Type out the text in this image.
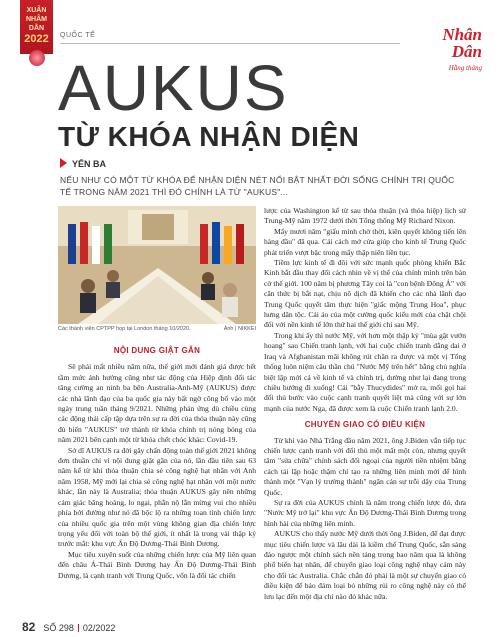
XUÂN
NHÂM DẦN
2022	QUỐC TẾ	Nhân Dân
Hằng tháng
AUKUS
TỪ KHÓA NHẬN DIỆN
YẾN BA
NẾU NHƯ CÓ MỘT TỪ KHÓA ĐỂ NHẬN DIỆN NÉT NỔI BẬT NHẤT ĐỜI SỐNG CHÍNH TRỊ QUỐC TẾ TRONG NĂM 2021 THÌ ĐÓ CHÍNH LÀ TỪ "AUKUS"...
Các thành viên CPTPP họp tại London tháng 10/2020.	Ảnh | NIKKEI

NỘI DUNG GIẬT GÂN

Sẽ phải mất nhiều năm nữa, thế giới mới đánh giá được hết tầm mức ảnh hưởng cũng như tác động của Hiệp định đối tác tăng cường an ninh ba bên Australia-Anh-Mỹ (AUKUS) được các nhà lãnh đạo của ba quốc gia này bất ngờ công bố vào một ngày trung tuần tháng 9/2021. Những phản ứng dù chiều cùng các động thái cấp tập dựa trên sự ra đời của thỏa thuận này cũng đủ biến "AUKUS" trở thành từ khóa chính trị nóng bỏng của năm 2021 bên cạnh một từ khóa chết chóc khác: Covid-19.

Sở dĩ AUKUS ra đời gây chấn động toàn thế giới 2021 không đơn thuần chỉ vì nội dung giật gân của nó, lần đầu tiên sau 63 năm kể từ khi thỏa thuận chia sẻ công nghệ hạt nhân với Anh năm 1958, Mỹ mới lại chia sẻ công nghệ hạt nhân với một nước khác, lần này là Australia; thỏa thuận AUKUS gây nên những cảm giác băng hoàng, lo ngại, phẫn nộ lẫn mừng vui cho nhiều phía bởi đường như nó đã bộc lộ ra những toan tính chiến lược của nhiều quốc gia trên một vùng không gian địa chiến lược trọng yếu đối với toàn bộ thế giới, ít nhất là trong vài thập kỷ trước mắt: khu vực Ấn Độ Dương-Thái Bình Dương.

Mục tiêu xuyên suốt của những chiến lược của Mỹ liên quan đến châu Á-Thái Bình Dương hay Ấn Độ Dương-Thái Bình Dương, là cạnh tranh với Trung Quốc, vốn là đối tác chiến

lược của Washington kể từ sau thỏa thuận (và thỏa hiệp) lịch sử Trung-Mỹ năm 1972 dưới thời Tổng thống Mỹ Richard Nixon.

Mấy mươi năm "giấu mình chờ thời, kiên quyết không tiến lên hàng đầu" đã qua. Cái cách mở cửa giúp cho kinh tế Trung Quốc phát triển vượt bậc trong mấy thập niên liền tục.

Tiềm lực kinh tế đi đôi với sức mạnh quốc phòng khiến Bắc Kinh bắt đầu thay đổi cách nhìn về vị thế của chính mình trên bàn cờ thế giới. 100 năm bị phương Tây coi là "con bệnh Đông Á" với căn thức bị bắt nạt, chịu nô dịch đã khiến cho các nhà lãnh đạo Trung Quốc quyết tâm thực hiện "giấc mộng Trung Hoa", phục hưng dân tộc. Cái áo của một cường quốc kiểu mới của chật chội đối với nền kinh tế lớn thứ hai thế giới chỉ sau Mỹ.

Trong khi ấy thì nước Mỹ, với hơn một thập kỷ "mùa gặt vướn hoang" sau Chiến tranh lạnh, với hai cuộc chiến tranh dằng dai ở Iraq và Afghanistan mãi không rút chân ra được và một vị Tổng thống luôn niệm câu thần chú "Nước Mỹ trên hết" bằng chủ nghĩa biệt lập mới cả về kinh tế và chính trị, dường như lại đang trong chiều hướng đi xuống! Cái "bẫy Thucydides" mở ra, mối gọi hai đối thủ bước vào cuộc cạnh tranh quyết liệt mà cũng với sự lớn mạnh của nước Nga, đã được xem là cuộc Chiến tranh lạnh 2.0.

CHUYỂN GIAO CÓ ĐIỀU KIỆN

Từ khi vào Nhà Trắng đầu năm 2021, ông J.Biden vẫn tiếp tục chiến lược cạnh tranh với đối thủ một mất một còn, nhưng quyết tâm "sửa chữa" chính sách đối ngoại của người tiền nhiệm bằng cách tái lập hoặc thậm chí tạo ra những liên minh mới để hình thành một "Vạn lý trường thành" ngăn cản sự trỗi dậy của Trung Quốc.

Sự ra đời của AUKUS chính là năm trong chiến lược đó, đưa "Nước Mỹ trở lại" khu vực Ấn Độ Dương-Thái Bình Dương trong hình hài của những liên minh.

AUKUS cho thấy nước Mỹ dưới thời ông J.Biden, để đạt được mục tiêu chiến lược và lâu dài là kiềm chế Trung Quốc, sẵn sàng đảo ngược một chính sách nền tảng trong bao năm qua là không phổ biến hạt nhân, để chuyển giao loại công nghệ nhạy cảm này cho đối tác Australia. Chắc chắn đó phải là một sự chuyển giao có điều kiện để bảo đảm loại bỏ những rủi ro công nghệ này có thể lưu lạc đến một địa chỉ nào đó khác nữa.

82 SỐ 298 02/2022
